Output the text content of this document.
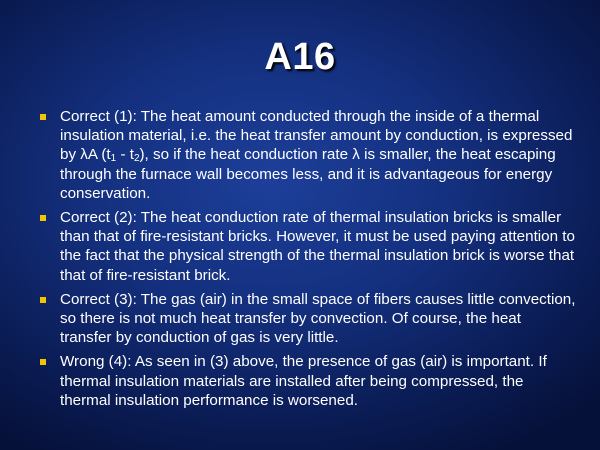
A16
Correct (1): The heat amount conducted through the inside of a thermal insulation material, i.e. the heat transfer amount by conduction, is expressed by λA $(t_1 - t_2)$, so if the heat conduction rate λ is smaller, the heat escaping through the furnace wall becomes less, and it is advantageous for energy conservation.
Correct (2): The heat conduction rate of thermal insulation bricks is smaller than that of fire-resistant bricks. However, it must be used paying attention to the fact that the physical strength of the thermal insulation brick is worse that that of fire-resistant brick.
Correct (3): The gas (air) in the small space of fibers causes little convection, so there is not much heat transfer by convection. Of course, the heat transfer by conduction of gas is very little.
Wrong (4): As seen in (3) above, the presence of gas (air) is important. If thermal insulation materials are installed after being compressed, the thermal insulation performance is worsened.
